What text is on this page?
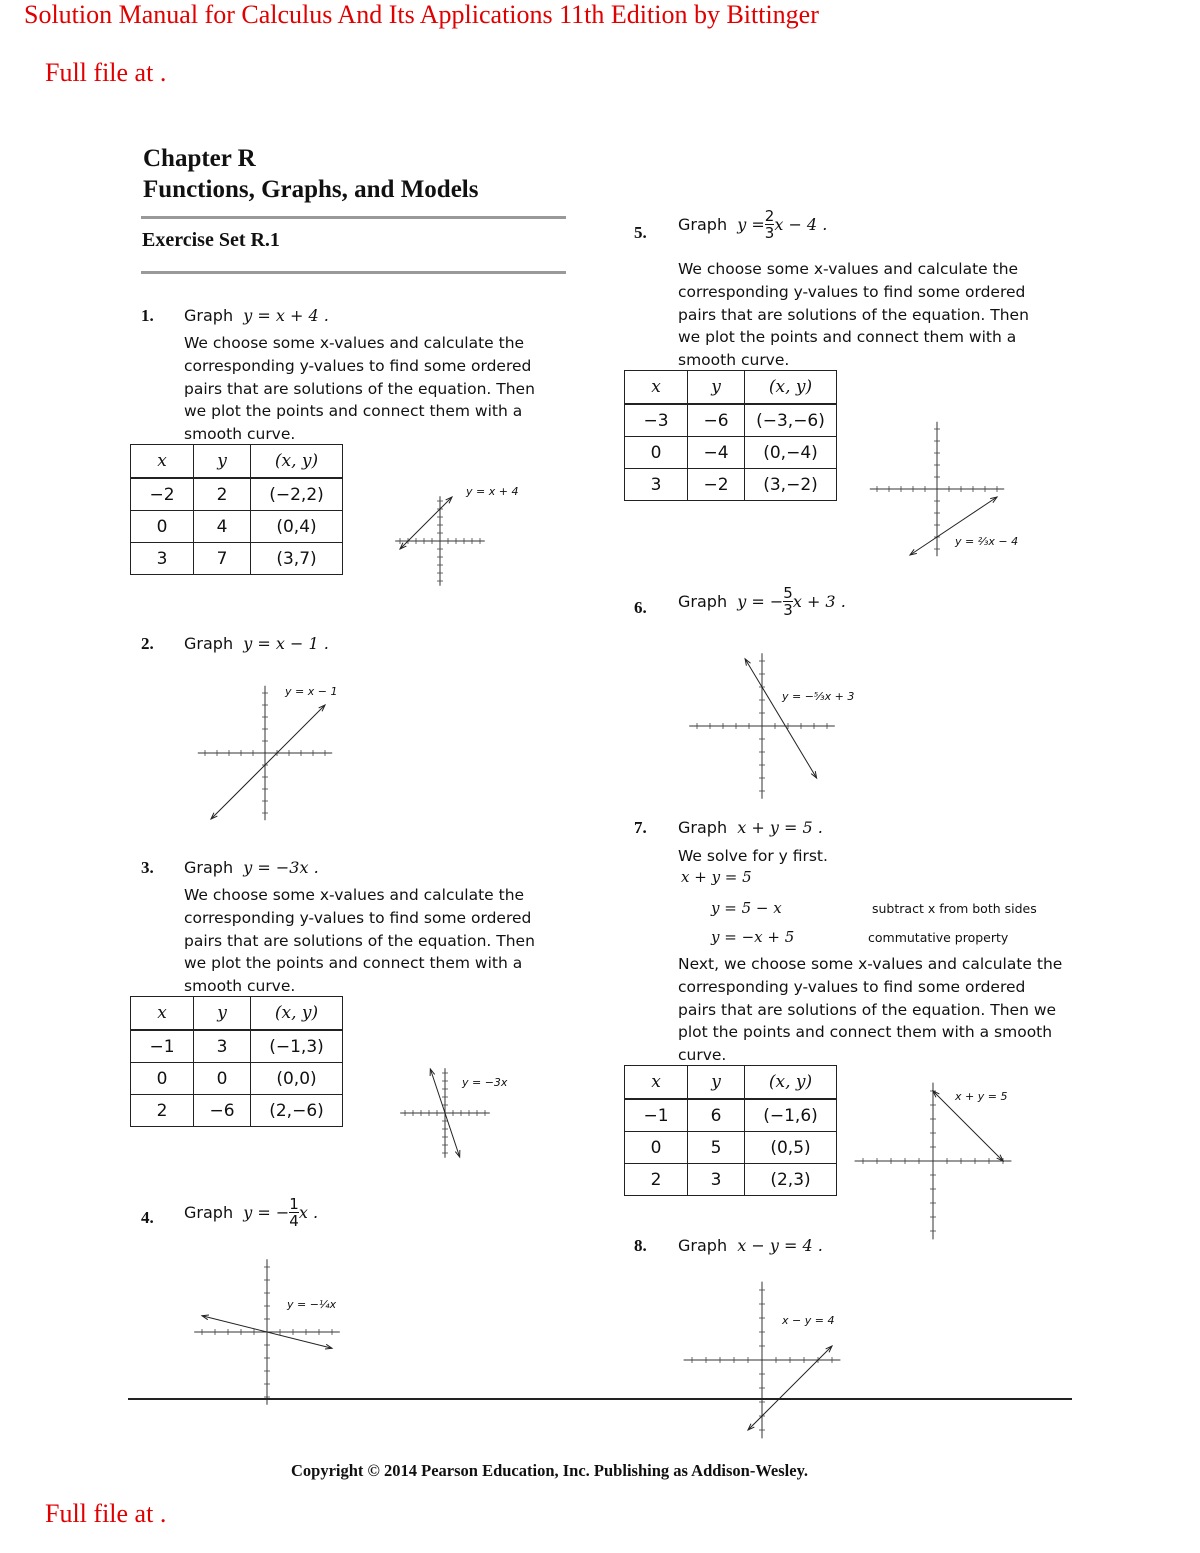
Solution Manual for Calculus And Its Applications 11th Edition by Bittinger
Full file at .
Chapter R
Functions, Graphs, and Models
Exercise Set R.1
1. Graph y = x + 4 .
We choose some x-values and calculate the corresponding y-values to find some ordered pairs that are solutions of the equation. Then we plot the points and connect them with a smooth curve.
x	y	(x, y)
−2	2	(−2,2)
0	4	(0,4)
3	7	(3,7)
y = x + 4
2. Graph y = x − 1 .
y = x − 1
3. Graph y = −3x .
We choose some x-values and calculate the corresponding y-values to find some ordered pairs that are solutions of the equation. Then we plot the points and connect them with a smooth curve.
x	y	(x, y)
−1	3	(−1,3)
0	0	(0,0)
2	−6	(2,−6)
y = −3x
4. Graph y = − $\frac{1}{4}$ x .
y = −¼x
5. Graph $y = \frac{2}{3}$ x − 4 .
We choose some x-values and calculate the corresponding y-values to find some ordered pairs that are solutions of the equation. Then we plot the points and connect them with a smooth curve.
x	y	(x, y)
−3	−6	(−3,−6)
0	−4	(0,−4)
3	−2	(3,−2)
y = ⅔x − 4
6. Graph y = − $\frac{5}{3}$ x + 3 .
y = −⁵⁄₃x + 3
7. Graph x + y = 5 .
We solve for y first.
x + y = 5
y = 5 − x	subtract x from both sides
y = −x + 5	commutative property
Next, we choose some x-values and calculate the corresponding y-values to find some ordered pairs that are solutions of the equation. Then we plot the points and connect them with a smooth curve.
x	y	(x, y)
−1	6	(−1,6)
0	5	(0,5)
2	3	(2,3)
x + y = 5
8. Graph x − y = 4 .
x − y = 4
Copyright © 2014 Pearson Education, Inc. Publishing as Addison-Wesley.
Full file at .
